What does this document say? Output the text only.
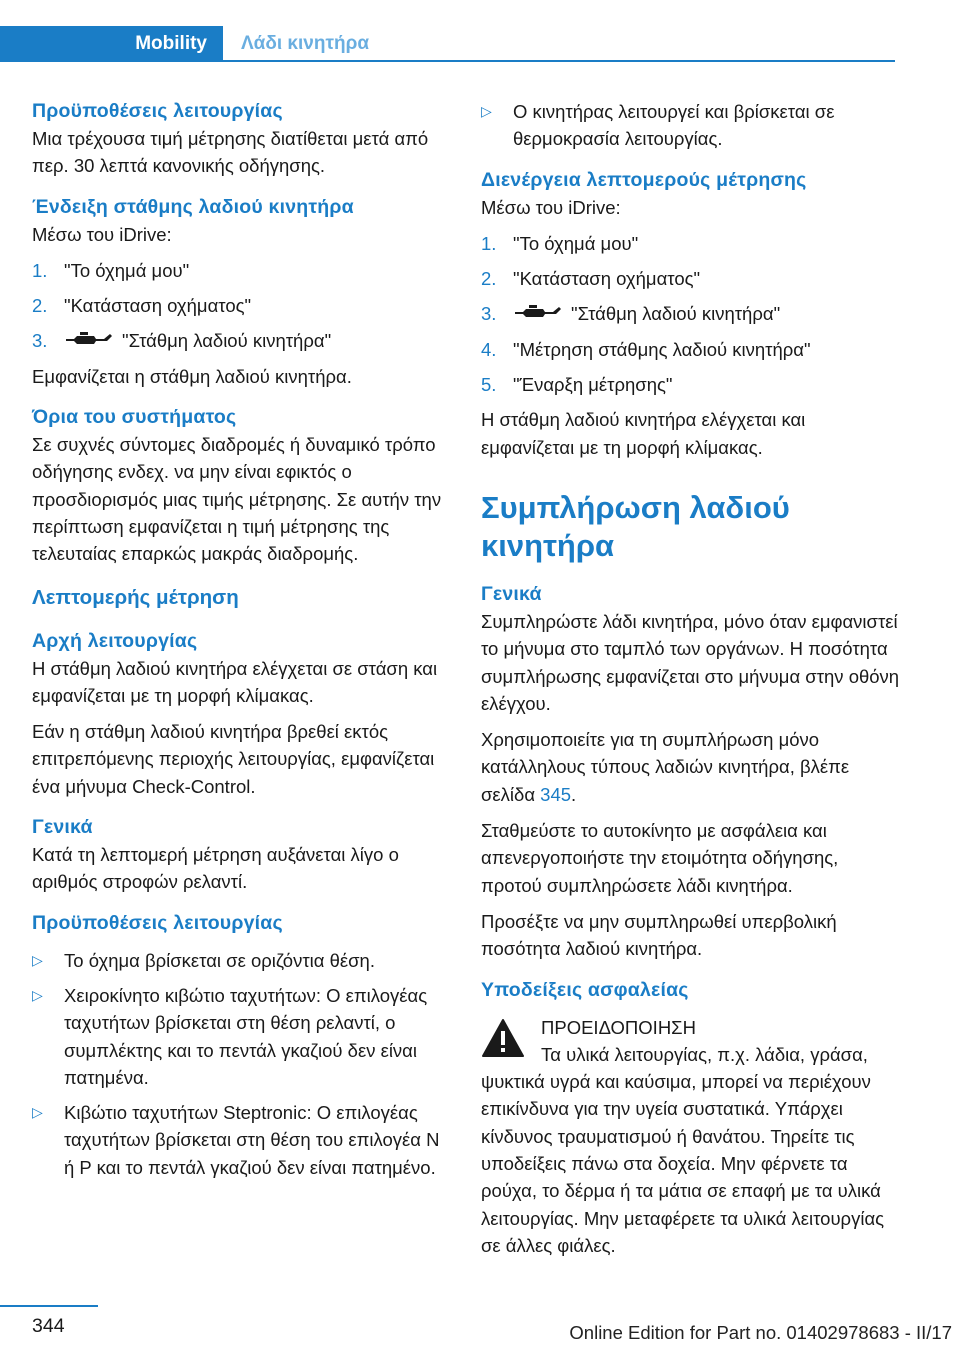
Mobility	Λάδι κινητήρα
Προϋποθέσεις λειτουργίας

Μια τρέχουσα τιμή μέτρησης διατίθεται μετά από περ. 30 λεπτά κανονικής οδήγησης.

Ένδειξη στάθμης λαδιού κινητήρα

Μέσω του iDrive:

1. "Το όχημά μου"
2. "Κατάσταση οχήματος"
3.	"Στάθμη λαδιού κινητήρα"

Εμφανίζεται η στάθμη λαδιού κινητήρα.

Όρια του συστήματος

Σε συχνές σύντομες διαδρομές ή δυναμικό τρόπο οδήγησης ενδεχ. να μην είναι εφικτός ο προσδιορισμός μιας τιμής μέτρησης. Σε αυτήν την περίπτωση εμφανίζεται η τιμή μέτρησης της τελευταίας επαρκώς μακράς διαδρομής.

Λεπτομερής μέτρηση
Αρχή λειτουργίας

Η στάθμη λαδιού κινητήρα ελέγχεται σε στάση και εμφανίζεται με τη μορφή κλίμακας.

Εάν η στάθμη λαδιού κινητήρα βρεθεί εκτός επιτρεπόμενης περιοχής λειτουργίας, εμφανίζεται ένα μήνυμα Check-Control.

Γενικά

Κατά τη λεπτομερή μέτρηση αυξάνεται λίγο ο αριθμός στροφών ρελαντί.

Προϋποθέσεις λειτουργίας
▷	Το όχημα βρίσκεται σε οριζόντια θέση.
▷	Χειροκίνητο κιβώτιο ταχυτήτων: Ο επιλογέας ταχυτήτων βρίσκεται στη θέση ρελαντί, ο συμπλέκτης και το πεντάλ γκαζιού δεν είναι πατημένα.
▷	Κιβώτιο ταχυτήτων Steptronic: Ο επιλογέας ταχυτήτων βρίσκεται στη θέση του επιλογέα N ή P και το πεντάλ γκαζιού δεν είναι πατημένο.
▷	Ο κινητήρας λειτουργεί και βρίσκεται σε θερμοκρασία λειτουργίας.
Διενέργεια λεπτομερούς μέτρησης

Μέσω του iDrive:

1. "Το όχημά μου"
2. "Κατάσταση οχήματος"
3.	"Στάθμη λαδιού κινητήρα"
4. "Μέτρηση στάθμης λαδιού κινητήρα"
5. "Έναρξη μέτρησης"

Η στάθμη λαδιού κινητήρα ελέγχεται και εμφανίζεται με τη μορφή κλίμακας.

Συμπλήρωση λαδιού κινητήρα
Γενικά

Συμπληρώστε λάδι κινητήρα, μόνο όταν εμφανιστεί το μήνυμα στο ταμπλό των οργάνων. Η ποσότητα συμπλήρωσης εμφανίζεται στο μήνυμα στην οθόνη ελέγχου.

Χρησιμοποιείτε για τη συμπλήρωση μόνο κατάλληλους τύπους λαδιών κινητήρα, βλέπε σελίδα 345.

Σταθμεύστε το αυτοκίνητο με ασφάλεια και απενεργοποιήστε την ετοιμότητα οδήγησης, προτού συμπληρώσετε λάδι κινητήρα.

Προσέξτε να μην συμπληρωθεί υπερβολική ποσότητα λαδιού κινητήρα.

Υποδείξεις ασφαλείας
ΠΡΟΕΙΔΟΠΟΙΗΣΗ
Τα υλικά λειτουργίας, π.χ. λάδια, γράσα,

ψυκτικά υγρά και καύσιμα, μπορεί να περιέχουν επικίνδυνα για την υγεία συστατικά. Υπάρχει κίνδυνος τραυματισμού ή θανάτου. Τηρείτε τις υποδείξεις πάνω στα δοχεία. Μην φέρνετε τα ρούχα, το δέρμα ή τα μάτια σε επαφή με τα υλικά λειτουργίας. Μην μεταφέρετε τα υλικά λειτουργίας σε άλλες φιάλες.

344	Online Edition for Part no. 01402978683 - II/17
